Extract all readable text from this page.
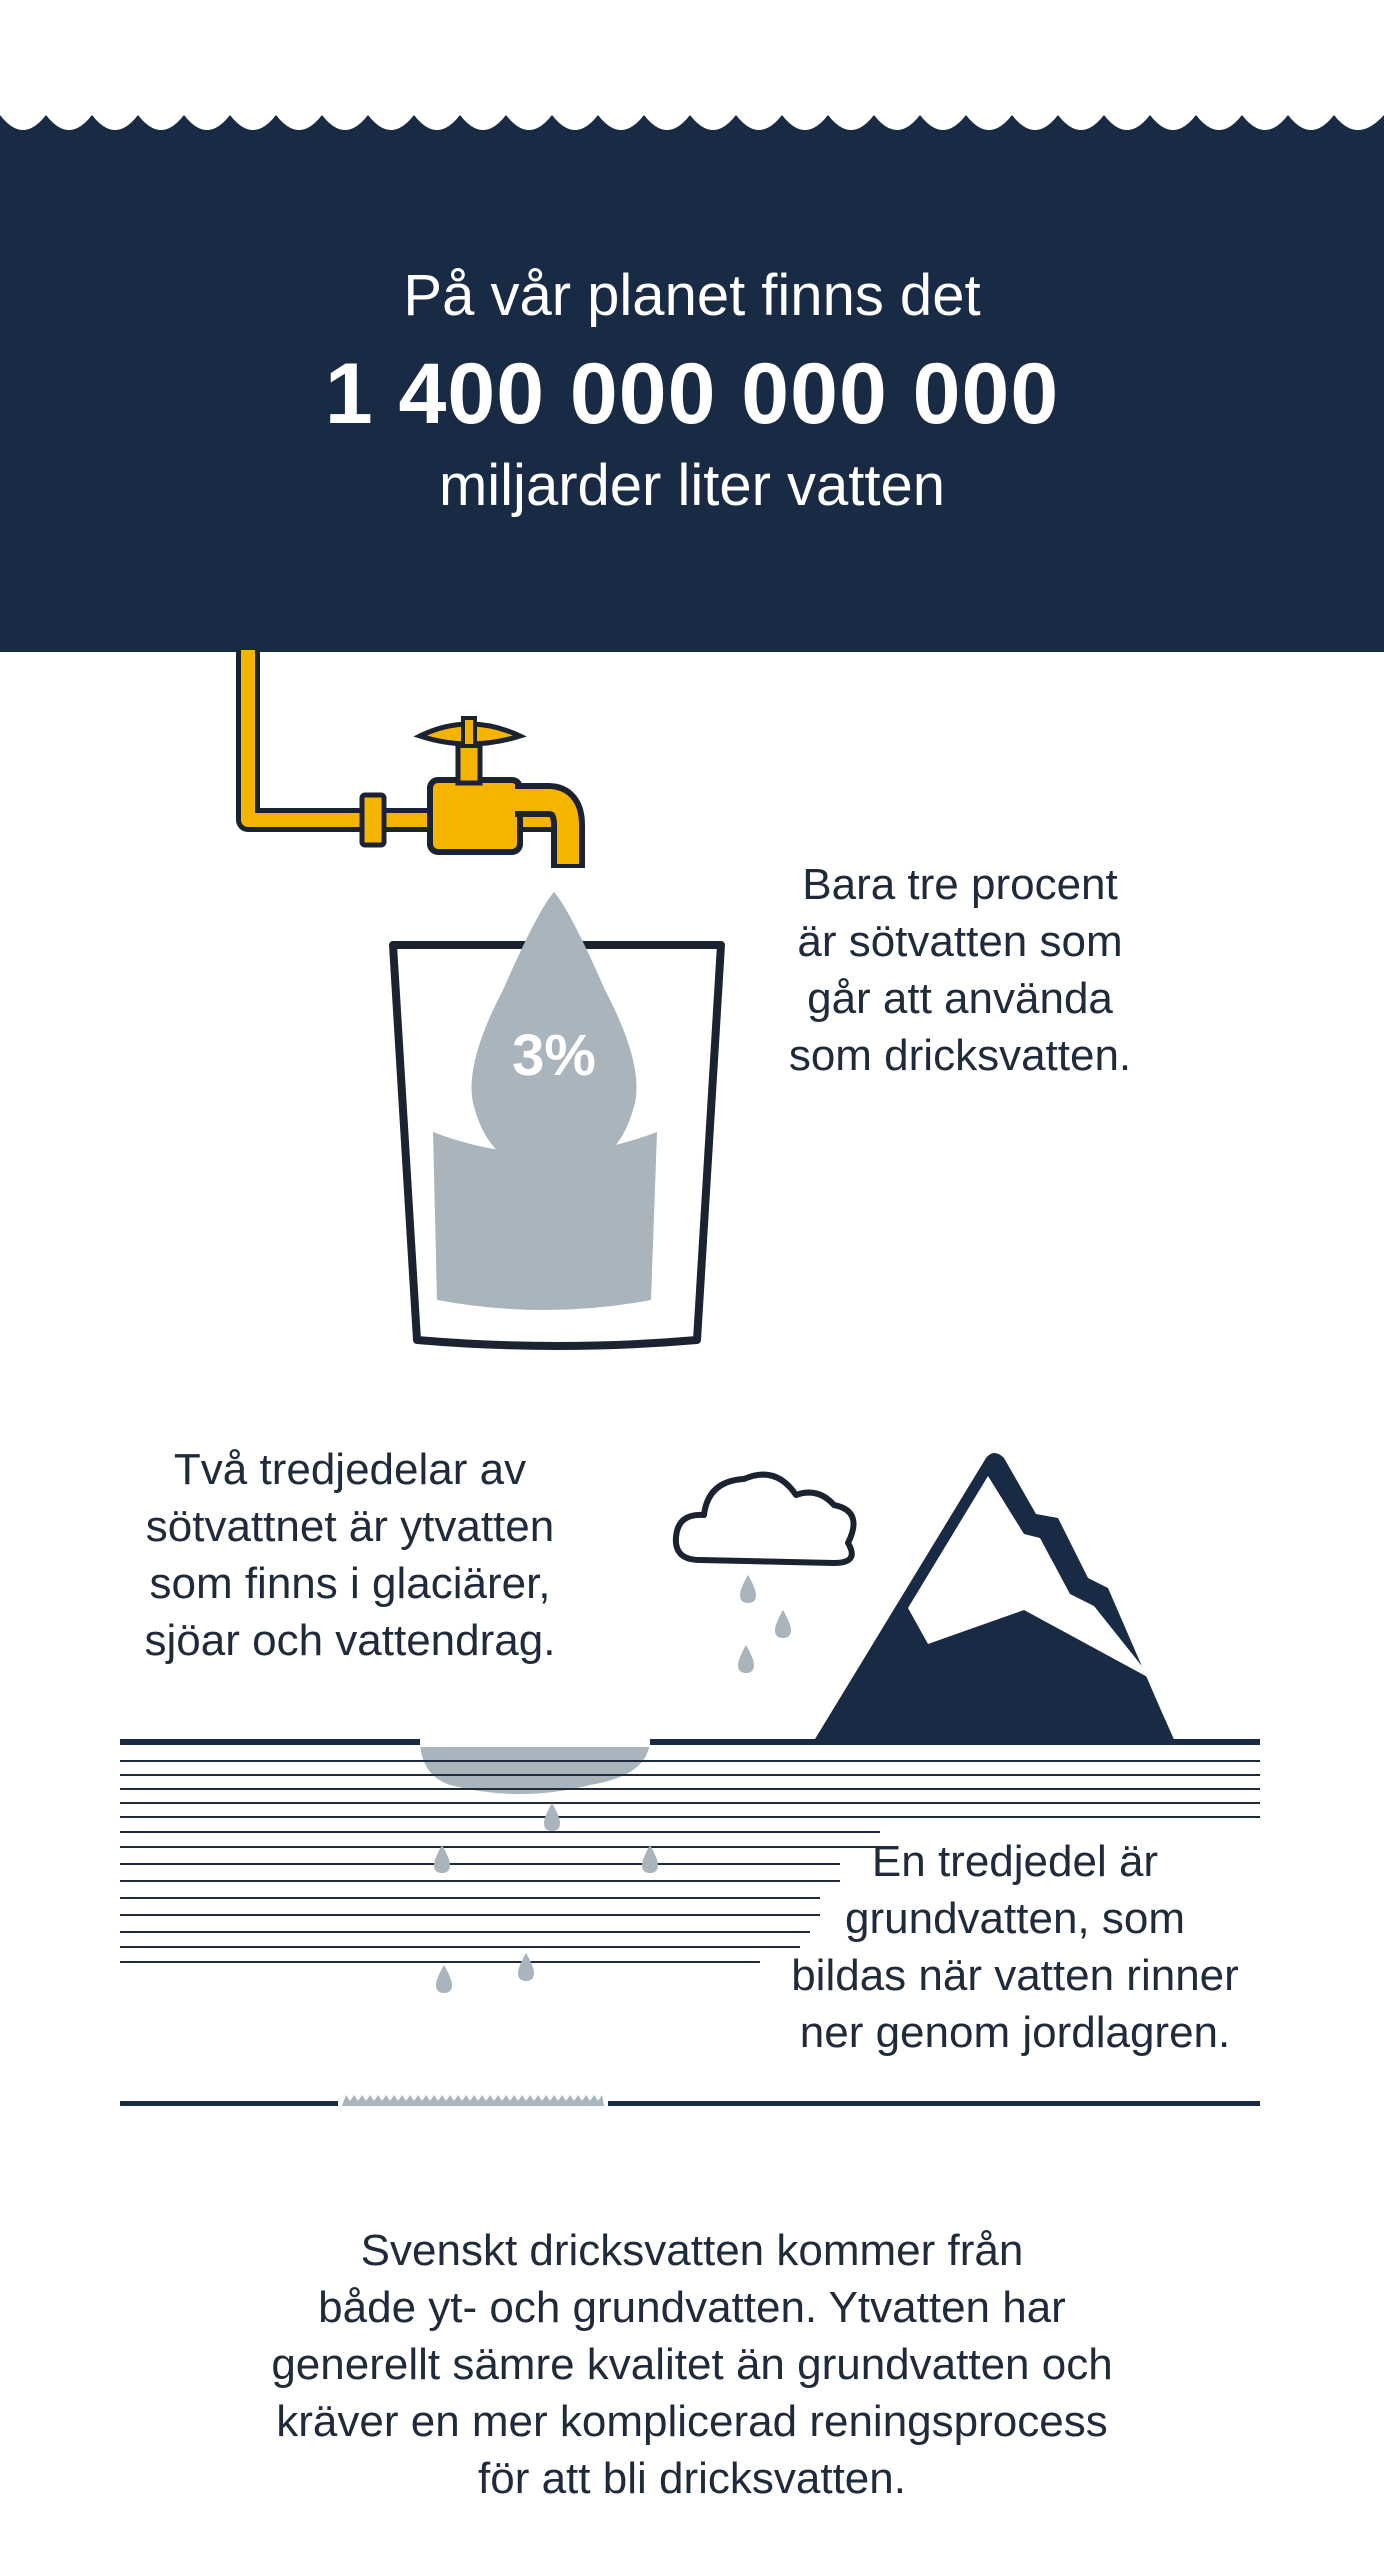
På vår planet finns det
1 400 000 000 000
miljarder liter vatten
3%
Bara tre procent
är sötvatten som
går att använda
som dricksvatten.
Två tredjedelar av
sötvattnet är ytvatten
som finns i glaciärer,
sjöar och vattendrag.
En tredjedel är
grundvatten, som
bildas när vatten rinner
ner genom jordlagren.
Svenskt dricksvatten kommer från
både yt- och grundvatten. Ytvatten har
generellt sämre kvalitet än grundvatten och
kräver en mer komplicerad reningsprocess
för att bli dricksvatten.
